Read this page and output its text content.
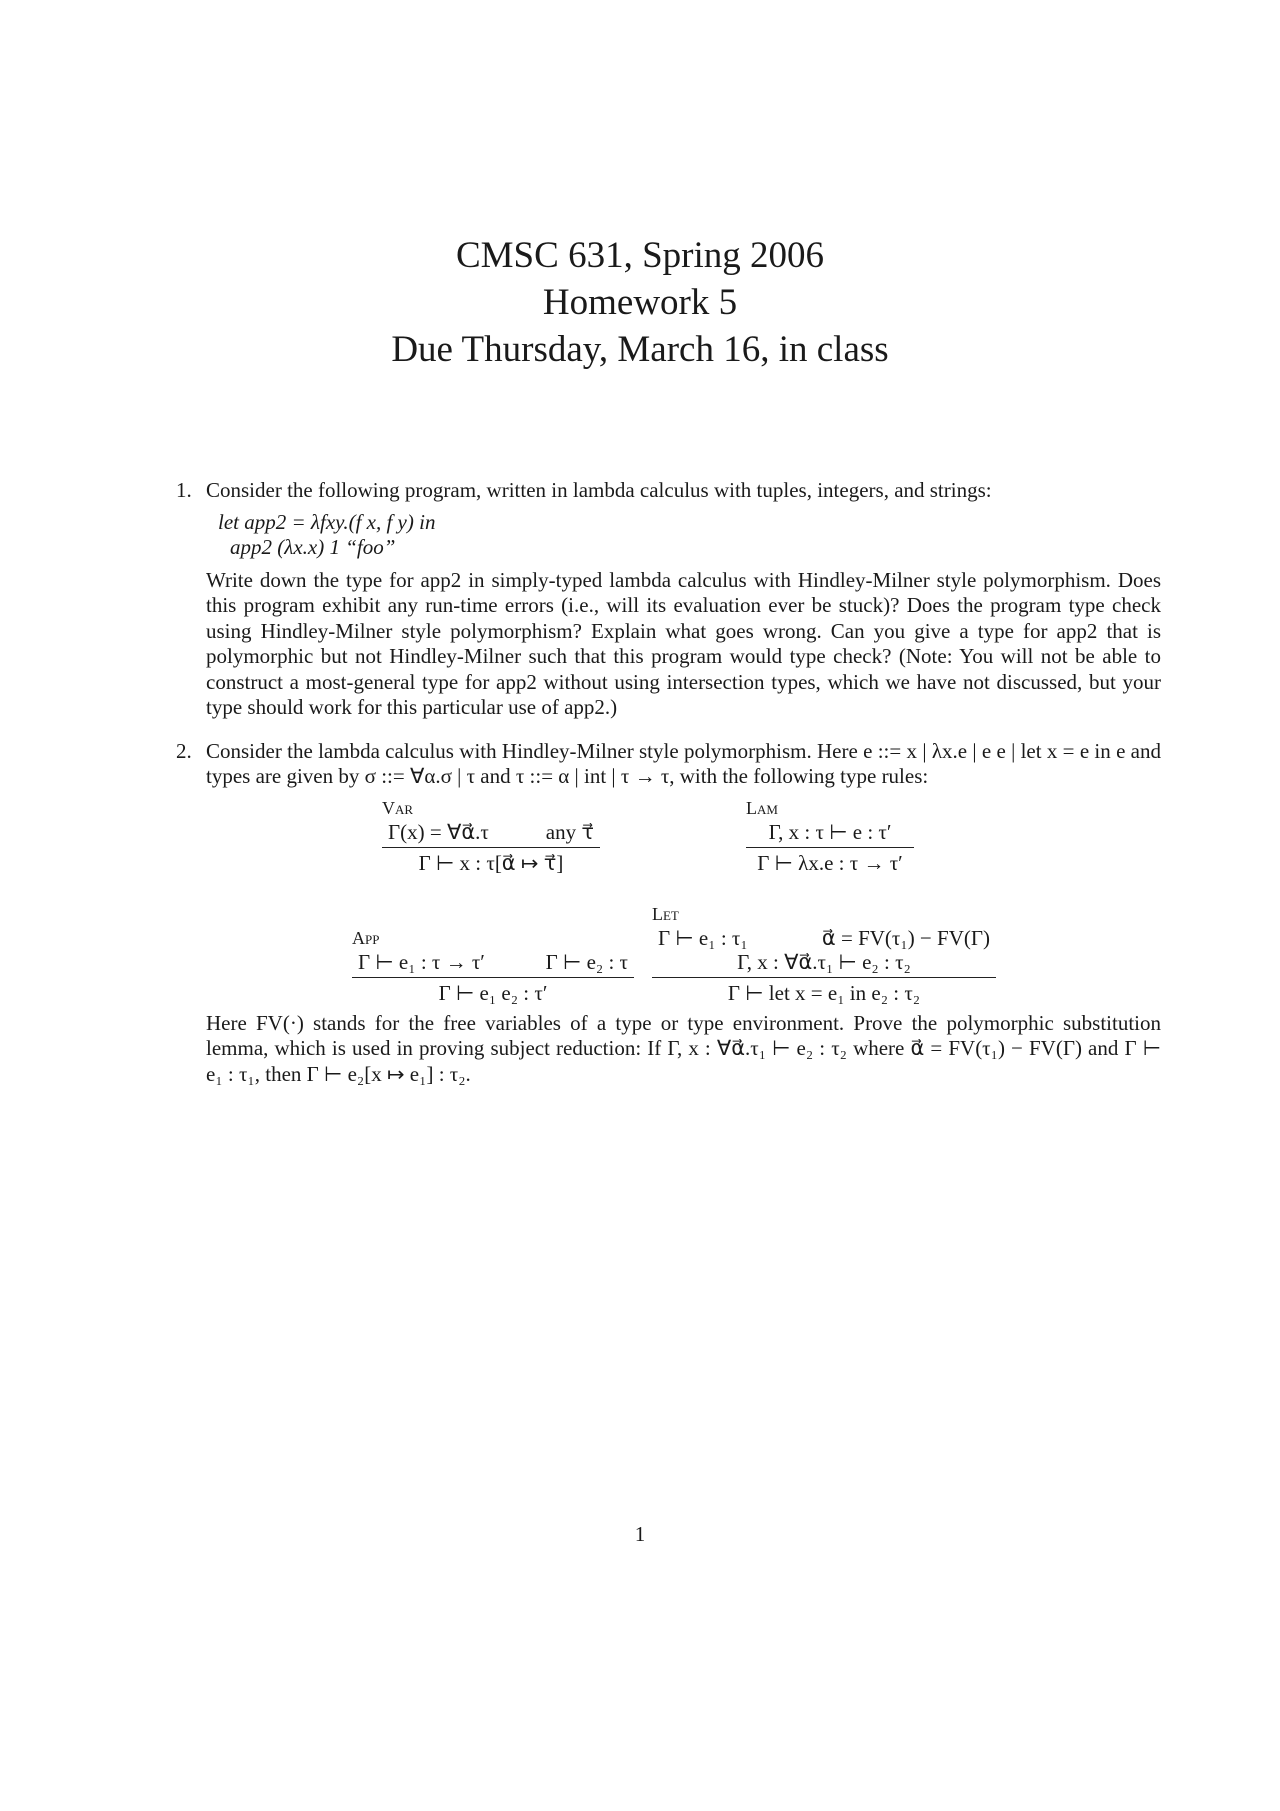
CMSC 631, Spring 2006
Homework 5
Due Thursday, March 16, in class
1. Consider the following program, written in lambda calculus with tuples, integers, and strings:

let app2 = λfxy.(f x, f y) in
app2 (λx.x) 1 “foo”

Write down the type for app2 in simply-typed lambda calculus with Hindley-Milner style polymorphism. Does this program exhibit any run-time errors (i.e., will its evaluation ever be stuck)? Does the program type check using Hindley-Milner style polymorphism? Explain what goes wrong. Can you give a type for app2 that is polymorphic but not Hindley-Milner such that this program would type check? (Note: You will not be able to construct a most-general type for app2 without using intersection types, which we have not discussed, but your type should work for this particular use of app2.)

2. Consider the lambda calculus with Hindley-Milner style polymorphism. Here e ::= x | λx.e | e e | let x = e in e and types are given by σ ::= ∀α.σ | τ and τ ::= α | int | τ → τ, with the following type rules:

Var
Γ(x) = ∀α⃗.τ	any τ⃗
Γ ⊢ x : τ[α⃗ ↦ τ⃗]
Lam
Γ, x : τ ⊢ e : τ′
Γ ⊢ λx.e : τ → τ′
App
Γ ⊢ e₁ : τ → τ′	Γ ⊢ e₂ : τ
Γ ⊢ e₁ e₂ : τ′
Let
Γ ⊢ e₁ : τ₁	α⃗ = FV(τ₁) − FV(Γ)
Γ, x : ∀α⃗.τ₁ ⊢ e₂ : τ₂
Γ ⊢ let x = e₁ in e₂ : τ₂

Here FV(·) stands for the free variables of a type or type environment. Prove the polymorphic substitution lemma, which is used in proving subject reduction: If Γ, x : ∀α⃗.τ₁ ⊢ e₂ : τ₂ where α⃗ = FV(τ₁) − FV(Γ) and Γ ⊢ e₁ : τ₁, then Γ ⊢ e₂[x ↦ e₁] : τ₂.

1
